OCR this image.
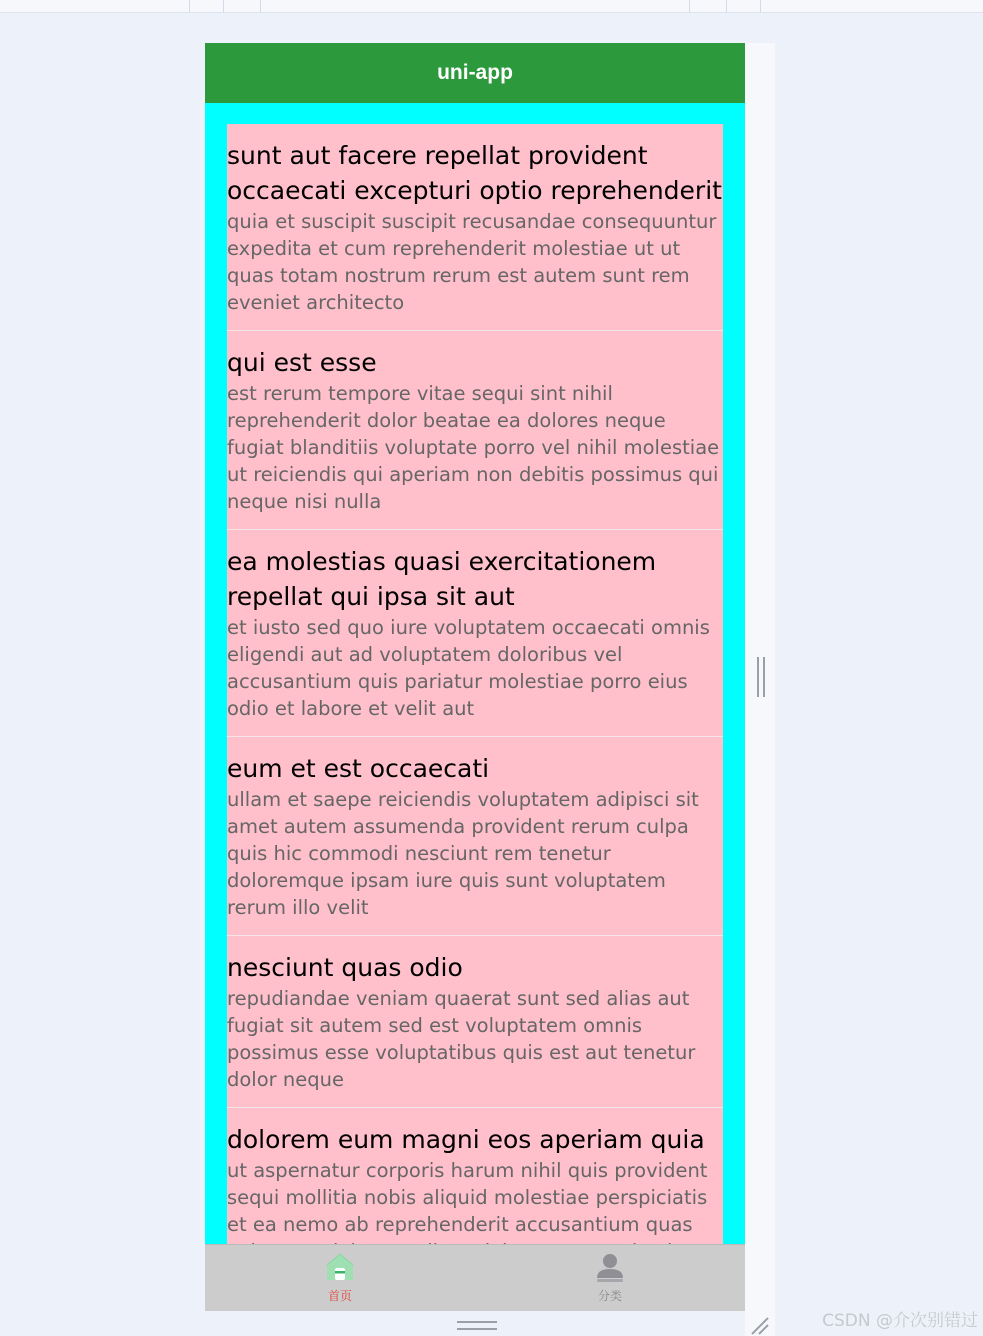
uni-app
sunt aut facere repellat provident occaecati excepturi optio reprehenderit
quia et suscipit suscipit recusandae consequuntur expedita et cum reprehenderit molestiae ut ut quas totam nostrum rerum est autem sunt rem eveniet architecto
qui est esse
est rerum tempore vitae sequi sint nihil reprehenderit dolor beatae ea dolores neque fugiat blanditiis voluptate porro vel nihil molestiae ut reiciendis qui aperiam non debitis possimus qui neque nisi nulla
ea molestias quasi exercitationem repellat qui ipsa sit aut
et iusto sed quo iure voluptatem occaecati omnis eligendi aut ad voluptatem doloribus vel accusantium quis pariatur molestiae porro eius odio et labore et velit aut
eum et est occaecati
ullam et saepe reiciendis voluptatem adipisci sit amet autem assumenda provident rerum culpa quis hic commodi nesciunt rem tenetur doloremque ipsam iure quis sunt voluptatem rerum illo velit
nesciunt quas odio
repudiandae veniam quaerat sunt sed alias aut fugiat sit autem sed est voluptatem omnis possimus esse voluptatibus quis est aut tenetur dolor neque
dolorem eum magni eos aperiam quia
ut aspernatur corporis harum nihil quis provident sequi mollitia nobis aliquid molestiae perspiciatis et ea nemo ab reprehenderit accusantium quas
首页	分类
CSDN @介次别错过
